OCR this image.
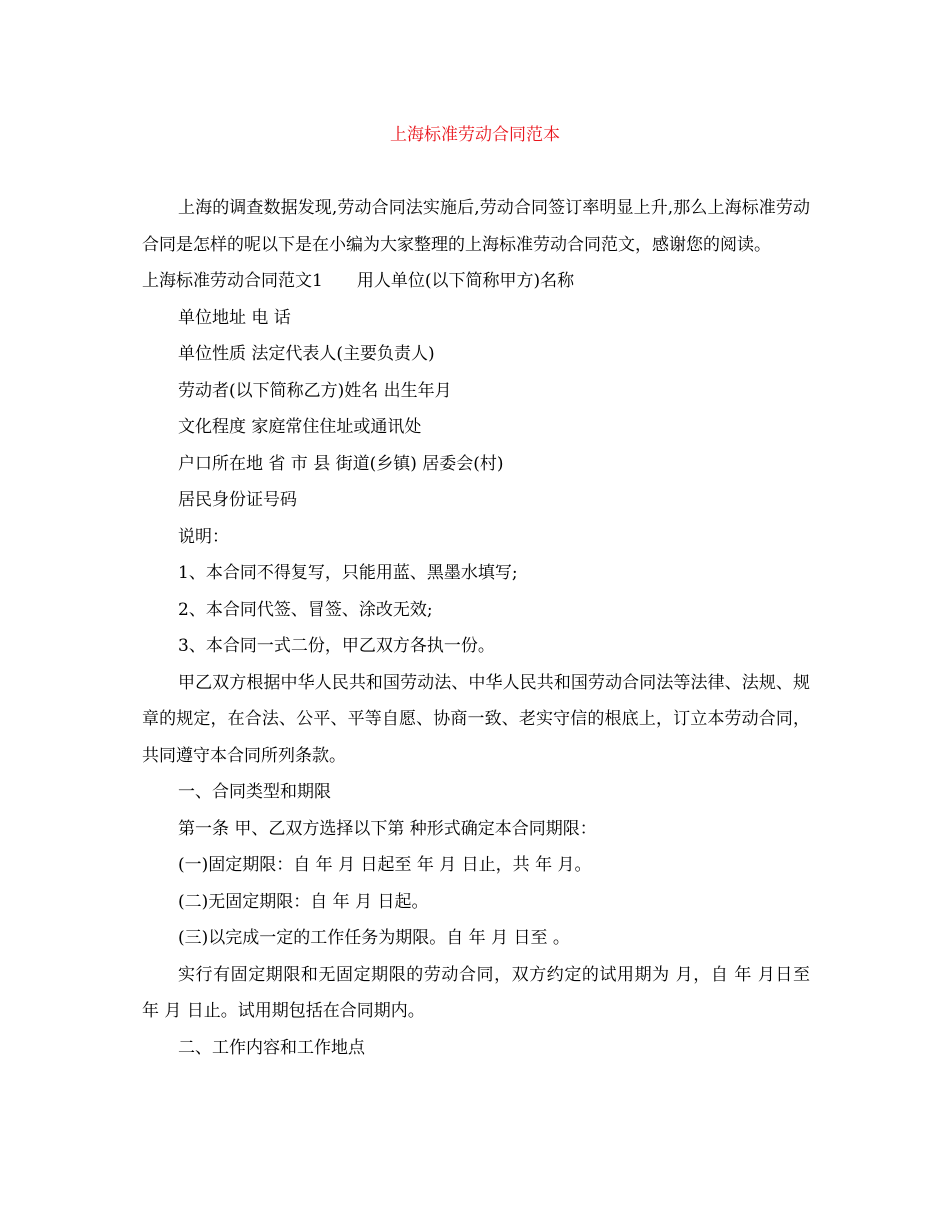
上海标准劳动合同范本

上海的调查数据发现,劳动合同法实施后,劳动合同签订率明显上升,那么上海标准劳动合同是怎样的呢以下是在小编为大家整理的上海标准劳动合同范文，感谢您的阅读。

上海标准劳动合同范文1　　用人单位(以下简称甲方)名称

单位地址 电 话

单位性质 法定代表人(主要负责人)

劳动者(以下简称乙方)姓名 出生年月

文化程度 家庭常住住址或通讯处

户口所在地 省 市 县 街道(乡镇) 居委会(村)

居民身份证号码

说明：

1、本合同不得复写，只能用蓝、黑墨水填写;

2、本合同代签、冒签、涂改无效;

3、本合同一式二份，甲乙双方各执一份。

甲乙双方根据中华人民共和国劳动法、中华人民共和国劳动合同法等法律、法规、规章的规定，在合法、公平、平等自愿、协商一致、老实守信的根底上，订立本劳动合同，共同遵守本合同所列条款。

一、合同类型和期限

第一条 甲、乙双方选择以下第 种形式确定本合同期限：

(一)固定期限：自 年 月 日起至 年 月 日止，共 年 月。

(二)无固定期限：自 年 月 日起。

(三)以完成一定的工作任务为期限。自 年 月 日至 。

实行有固定期限和无固定期限的劳动合同，双方约定的试用期为 月，自 年 月日至 年 月 日止。试用期包括在合同期内。

二、工作内容和工作地点
